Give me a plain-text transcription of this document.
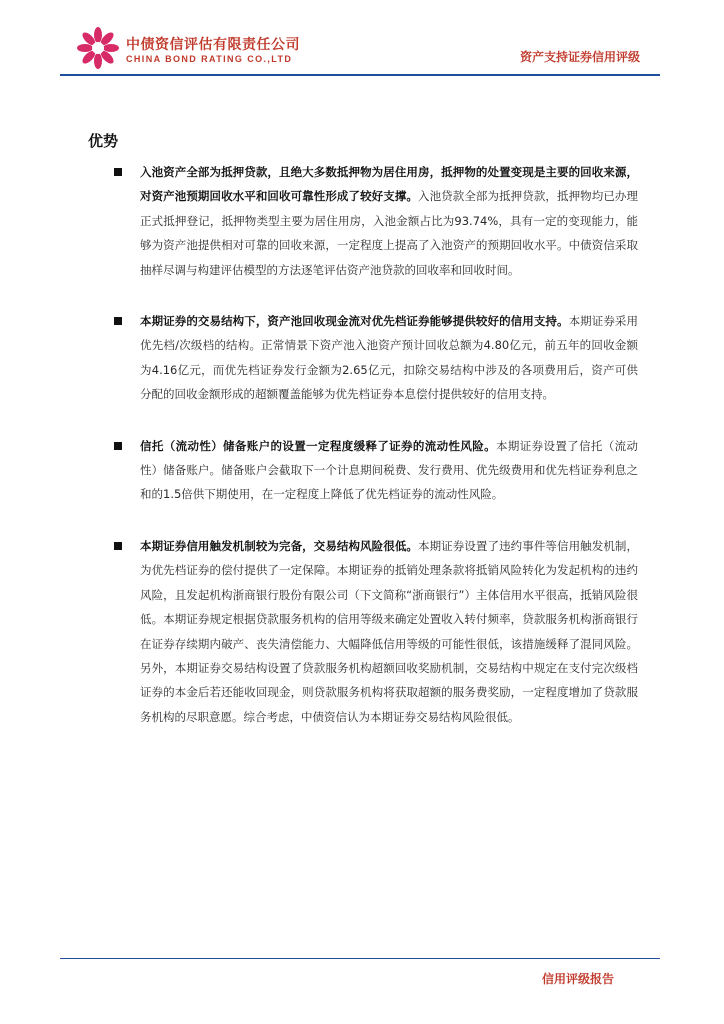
中债资信评估有限责任公司
CHINA BOND RATING CO.,LTD	资产支持证券信用评级
优势

入池资产全部为抵押贷款，且绝大多数抵押物为居住用房，抵押物的处置变现是主要的回收来源，对资产池预期回收水平和回收可靠性形成了较好支撑。入池贷款全部为抵押贷款，抵押物均已办理正式抵押登记，抵押物类型主要为居住用房，入池金额占比为93.74%，具有一定的变现能力，能够为资产池提供相对可靠的回收来源，一定程度上提高了入池资产的预期回收水平。中债资信采取抽样尽调与构建评估模型的方法逐笔评估资产池贷款的回收率和回收时间。

本期证券的交易结构下，资产池回收现金流对优先档证券能够提供较好的信用支持。本期证券采用优先档/次级档的结构。正常情景下资产池入池资产预计回收总额为4.80亿元，前五年的回收金额为4.16亿元，而优先档证券发行金额为2.65亿元，扣除交易结构中涉及的各项费用后，资产可供分配的回收金额形成的超额覆盖能够为优先档证券本息偿付提供较好的信用支持。

信托（流动性）储备账户的设置一定程度缓释了证券的流动性风险。本期证券设置了信托（流动性）储备账户。储备账户会截取下一个计息期间税费、发行费用、优先级费用和优先档证券利息之和的1.5倍供下期使用，在一定程度上降低了优先档证券的流动性风险。

本期证券信用触发机制较为完备，交易结构风险很低。本期证券设置了违约事件等信用触发机制，为优先档证券的偿付提供了一定保障。本期证券的抵销处理条款将抵销风险转化为发起机构的违约风险，且发起机构浙商银行股份有限公司（下文简称“浙商银行”）主体信用水平很高，抵销风险很低。本期证券规定根据贷款服务机构的信用等级来确定处置收入转付频率，贷款服务机构浙商银行在证券存续期内破产、丧失清偿能力、大幅降低信用等级的可能性很低，该措施缓释了混同风险。另外，本期证券交易结构设置了贷款服务机构超额回收奖励机制，交易结构中规定在支付完次级档证券的本金后若还能收回现金，则贷款服务机构将获取超额的服务费奖励，一定程度增加了贷款服务机构的尽职意愿。综合考虑，中债资信认为本期证券交易结构风险很低。

信用评级报告
